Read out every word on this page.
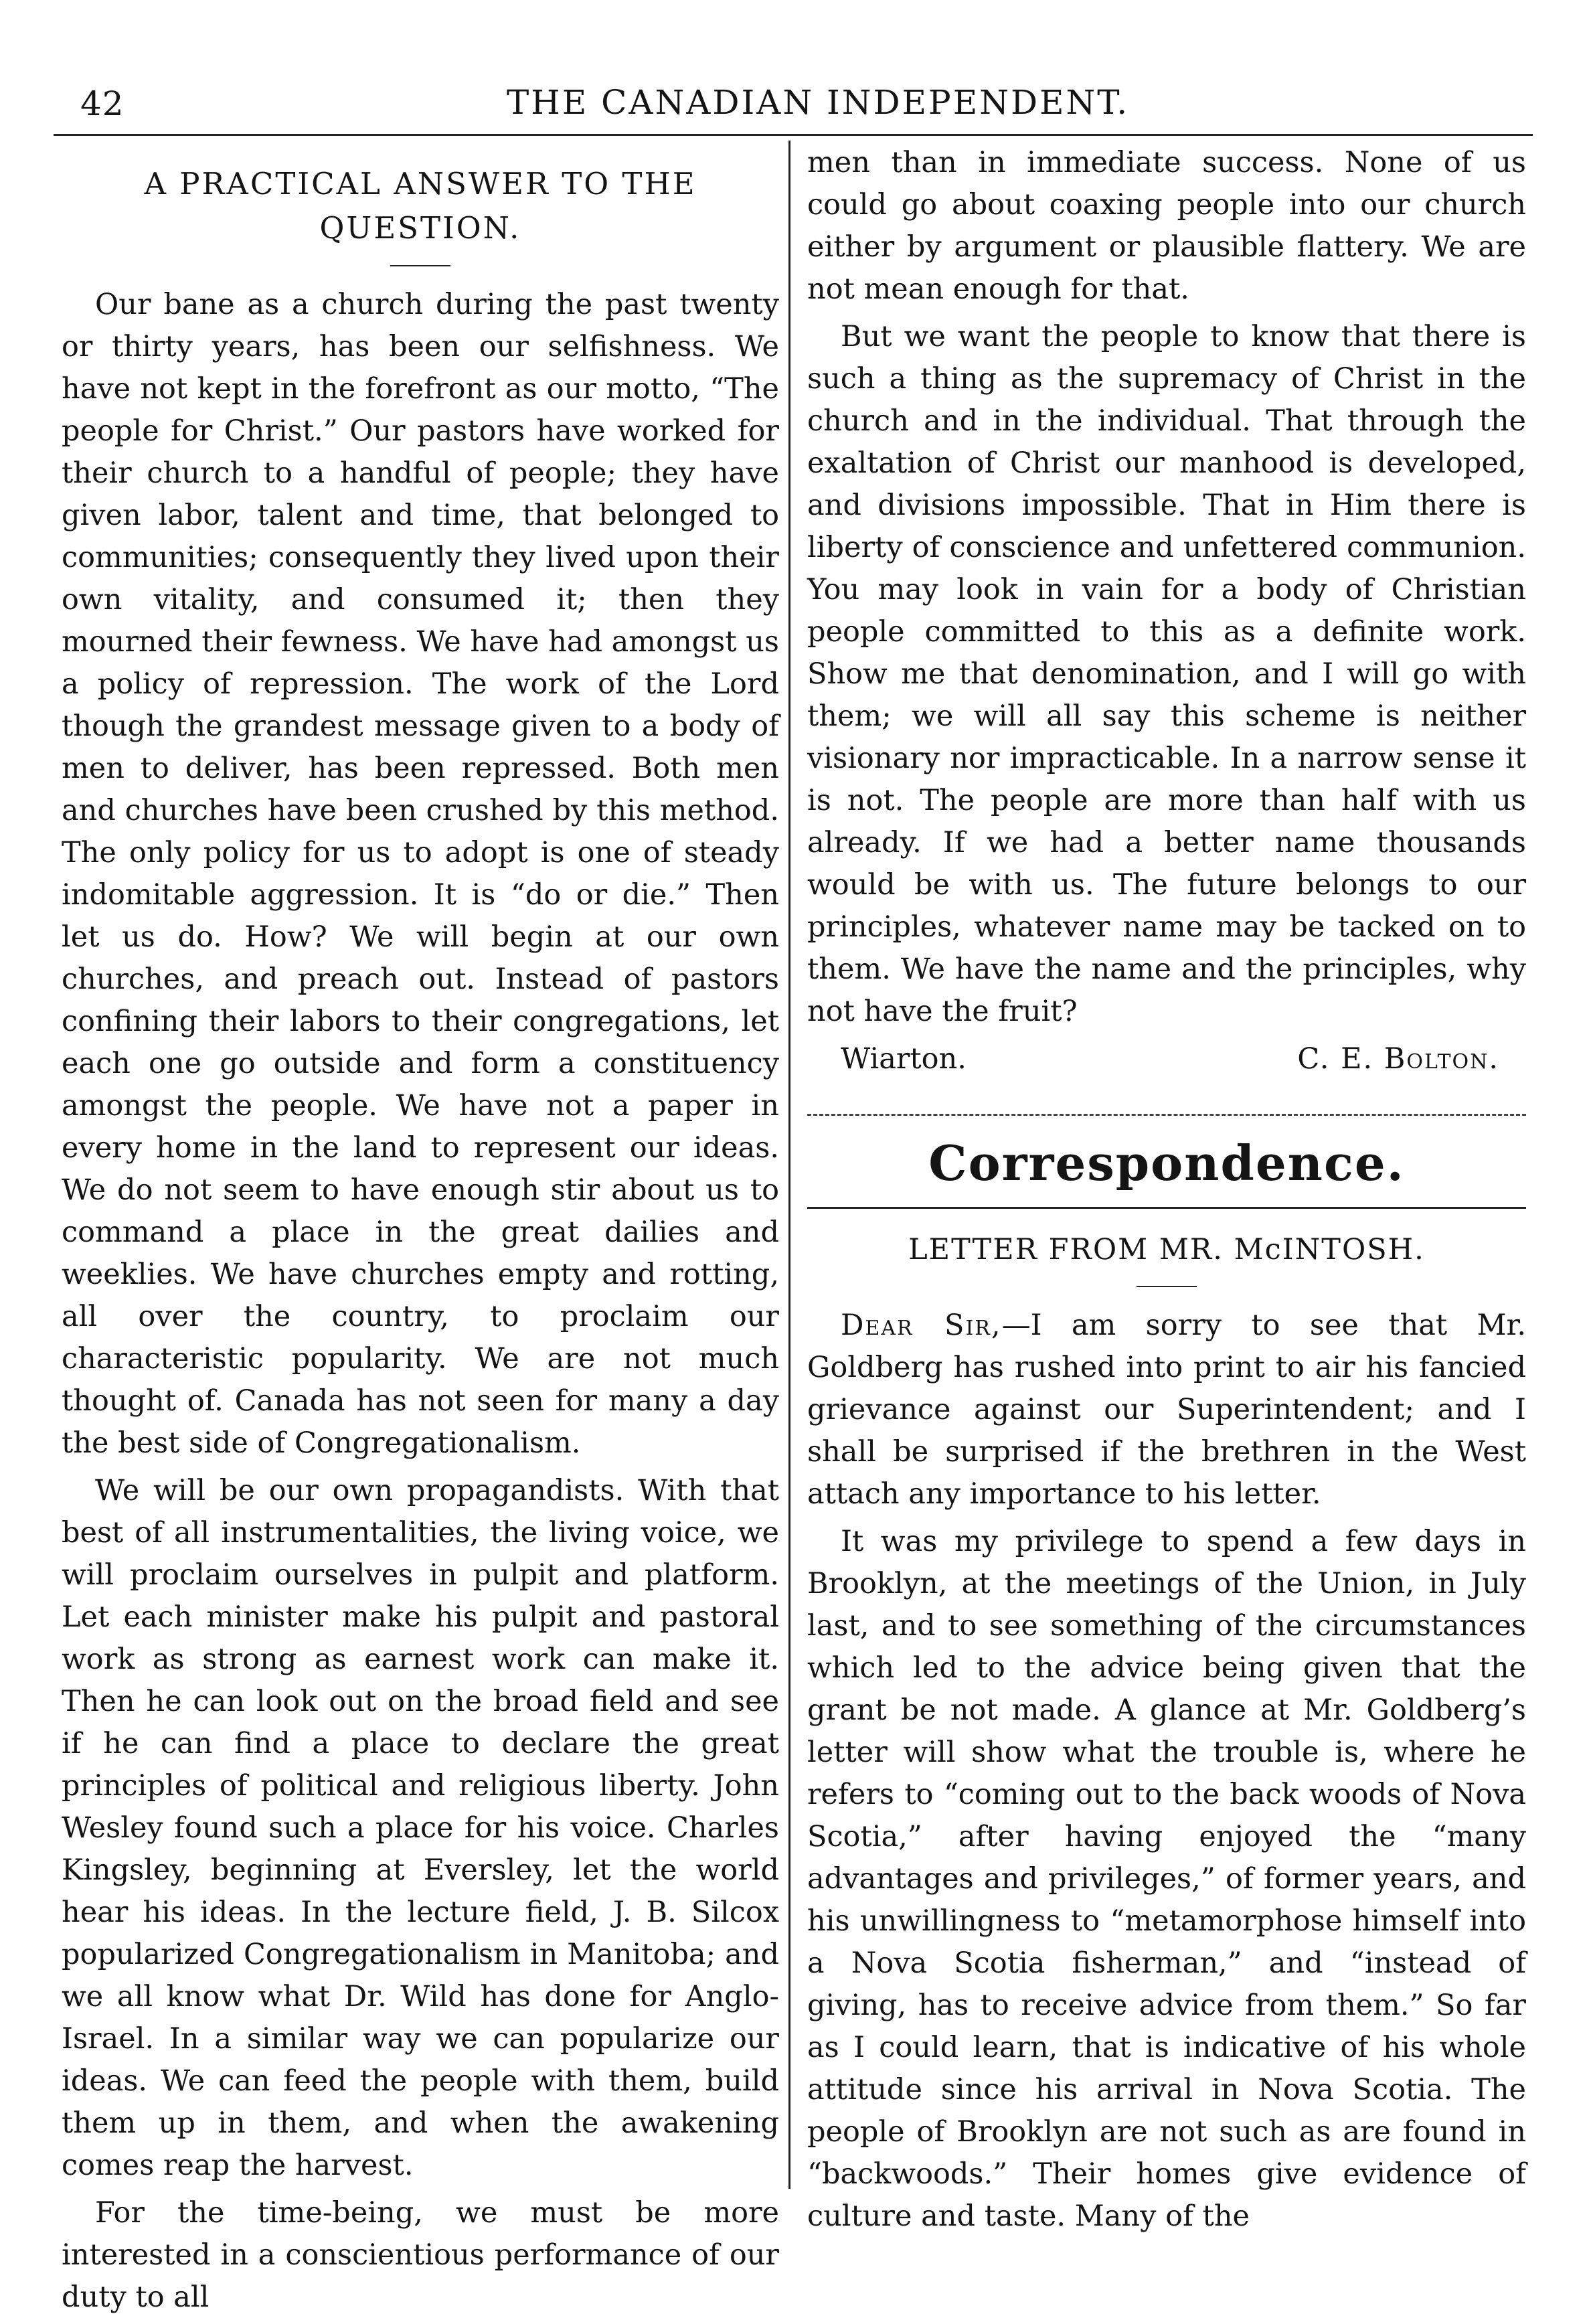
42	THE CANADIAN INDEPENDENT.
A PRACTICAL ANSWER TO THE QUESTION.

Our bane as a church during the past twenty or thirty years, has been our selfishness. We have not kept in the forefront as our motto, “The people for Christ.” Our pastors have worked for their church to a handful of people; they have given labor, talent and time, that belonged to communities; consequently they lived upon their own vitality, and consumed it; then they mourned their fewness. We have had amongst us a policy of repression. The work of the Lord though the grandest message given to a body of men to deliver, has been repressed. Both men and churches have been crushed by this method. The only policy for us to adopt is one of steady indomitable aggression. It is “do or die.” Then let us do. How? We will begin at our own churches, and preach out. Instead of pastors confining their labors to their congregations, let each one go outside and form a constituency amongst the people. We have not a paper in every home in the land to represent our ideas. We do not seem to have enough stir about us to command a place in the great dailies and weeklies. We have churches empty and rotting, all over the country, to proclaim our characteristic popularity. We are not much thought of. Canada has not seen for many a day the best side of Congregationalism.

We will be our own propagandists. With that best of all instrumentalities, the living voice, we will proclaim ourselves in pulpit and platform. Let each minister make his pulpit and pastoral work as strong as earnest work can make it. Then he can look out on the broad field and see if he can find a place to declare the great principles of political and religious liberty. John Wesley found such a place for his voice. Charles Kingsley, beginning at Eversley, let the world hear his ideas. In the lecture field, J. B. Silcox popularized Congregationalism in Manitoba; and we all know what Dr. Wild has done for Anglo-Israel. In a similar way we can popularize our ideas. We can feed the people with them, build them up in them, and when the awakening comes reap the harvest.

For the time-being, we must be more interested in a conscientious performance of our duty to all

men than in immediate success. None of us could go about coaxing people into our church either by argument or plausible flattery. We are not mean enough for that.

But we want the people to know that there is such a thing as the supremacy of Christ in the church and in the individual. That through the exaltation of Christ our manhood is developed, and divisions impossible. That in Him there is liberty of conscience and unfettered communion. You may look in vain for a body of Christian people committed to this as a definite work. Show me that denomination, and I will go with them; we will all say this scheme is neither visionary nor impracticable. In a narrow sense it is not. The people are more than half with us already. If we had a better name thousands would be with us. The future belongs to our principles, whatever name may be tacked on to them. We have the name and the principles, why not have the fruit?

Wiarton.	C. E. Bolton.
Correspondence.
LETTER FROM MR. McINTOSH.

Dear Sir,—I am sorry to see that Mr. Goldberg has rushed into print to air his fancied grievance against our Superintendent; and I shall be surprised if the brethren in the West attach any importance to his letter.

It was my privilege to spend a few days in Brooklyn, at the meetings of the Union, in July last, and to see something of the circumstances which led to the advice being given that the grant be not made. A glance at Mr. Goldberg’s letter will show what the trouble is, where he refers to “coming out to the back woods of Nova Scotia,” after having enjoyed the “many advantages and privileges,” of former years, and his unwillingness to “metamorphose himself into a Nova Scotia fisherman,” and “instead of giving, has to receive advice from them.” So far as I could learn, that is indicative of his whole attitude since his arrival in Nova Scotia. The people of Brooklyn are not such as are found in “backwoods.” Their homes give evidence of culture and taste. Many of the
